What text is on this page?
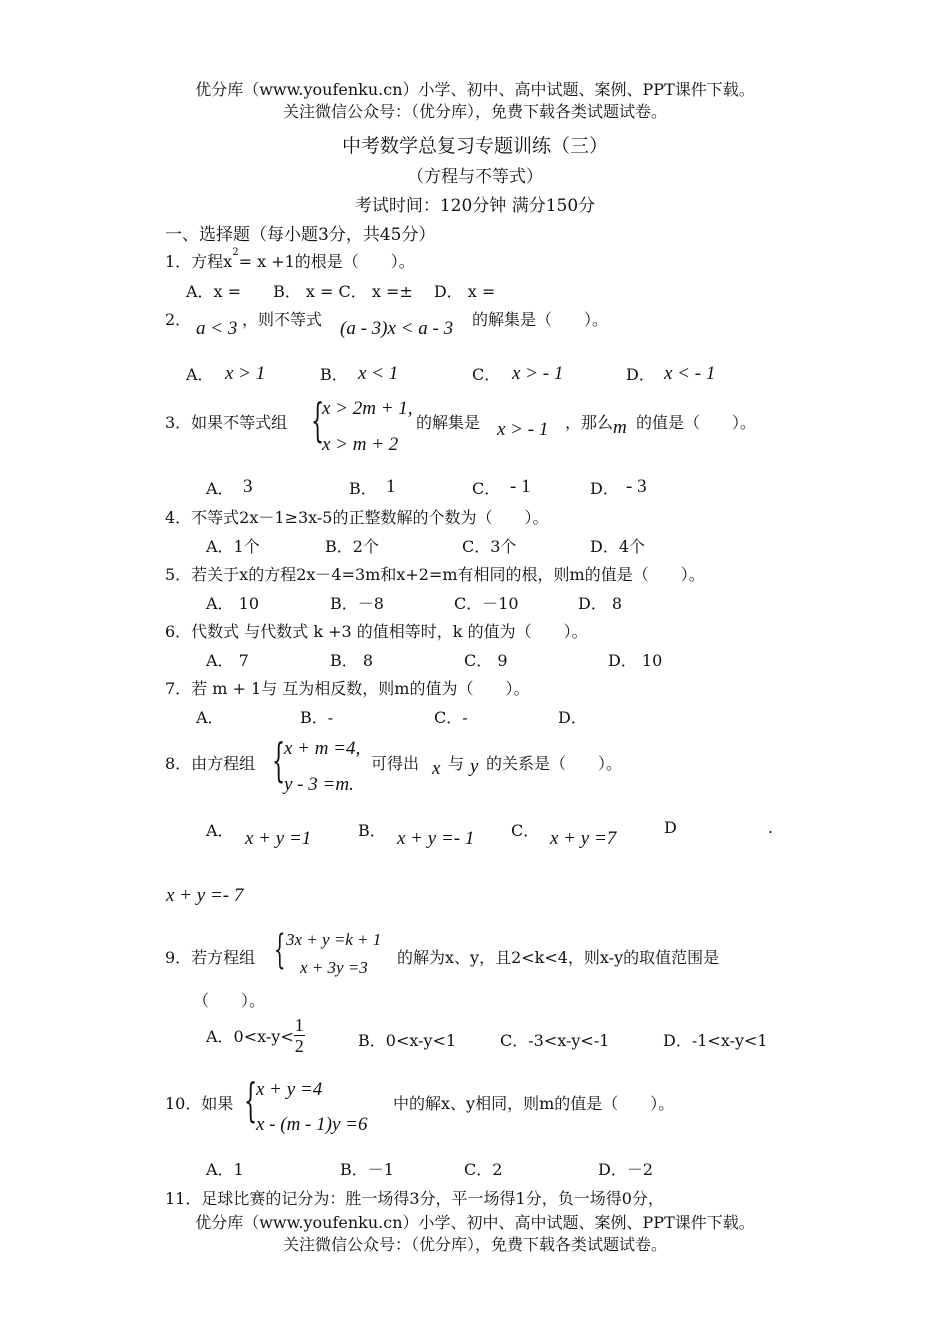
优分库（www.youfenku.cn）小学、初中、高中试题、案例、PPT课件下载。
关注微信公众号：（优分库），免费下载各类试题试卷。
中考数学总复习专题训练（三）
（方程与不等式）
考试时间：120分钟 满分150分
一、选择题（每小题3分，共45分）
1．方程$x^2= x +1$的根是（　　）。
A．x =　　B． x = C． x =±　 D． x =
2． a < 3 ，则不等式 (a - 3)x < a - 3 的解集是（　　）。
A． x > 1	B． x < 1	C． x > - 1	D． x < - 1
3．如果不等式组 {
x > 2m + 1,
x > m + 2
的解集是 x > - 1 ，那么 m 的值是（　　）。
A． 3	B． 1	C． - 1	D． - 3
4．不等式2x－1≥3x-5的正整数解的个数为（　　）。
A．1个	B．2个	C．3个	D．4个
5．若关于x的方程2x－4=3m和x+2=m有相同的根，则m的值是（　　）。
A． 10	B．－8	C．－10	D． 8
6．代数式 与代数式 k +3 的值相等时，k 的值为（　　）。
A． 7	B． 8	C． 9	D． 10
7．若 m + 1与 互为相反数，则m的值为（　　）。
A．	B．-	C．-	D．
8．由方程组 {
x + m =4,
y - 3 =m.
可得出 x 与 y 的关系是（　　）。
A． x + y =1	B． x + y =- 1 C． x + y =7
D	.
x + y =- 7
9．若方程组 { 3x + y =k + 1
x + 3y =3
的解为x、y，且2<k<4，则x-y的取值范围是
（　　）。
A．$0<x-y< \frac{1}{2}$	B．0<x-y<1	C．-3<x-y<-1	D．-1<x-y<1
10．如果 {
x + y =4
x - (m - 1)y =6
中的解x、y相同，则m的值是（　　）。
A．1	B．－1	C．2	D．－2
11．足球比赛的记分为：胜一场得3分，平一场得1分，负一场得0分，
优分库（www.youfenku.cn）小学、初中、高中试题、案例、PPT课件下载。
关注微信公众号：（优分库），免费下载各类试题试卷。
